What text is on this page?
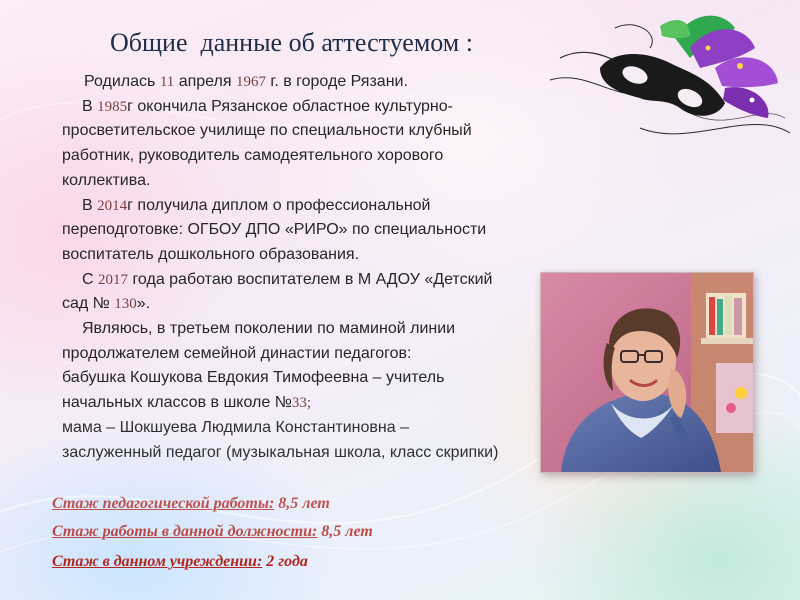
Общие  данные об аттестуемом :

Родилась 11 апреля 1967 г. в городе Рязани.

В 1985г окончила Рязанское областное культурно-просветительское училище по специальности клубный работник, руководитель самодеятельного хорового коллектива.

В 2014г получила диплом о профессиональной переподготовке: ОГБОУ ДПО «РИРО» по специальности воспитатель дошкольного образования.

С 2017 года работаю воспитателем в М АДОУ «Детский сад № 130».

Являюсь, в третьем поколении по маминой линии продолжателем семейной династии педагогов:

бабушка Кошукова Евдокия Тимофеевна – учитель начальных классов в школе №33;

мама – Шокшуева Людмила Константиновна – заслуженный педагог (музыкальная школа, класс скрипки)

Стаж педагогической работы: 8,5 лет

Стаж работы в данной должности: 8,5 лет

Стаж в данном учреждении: 2 года
